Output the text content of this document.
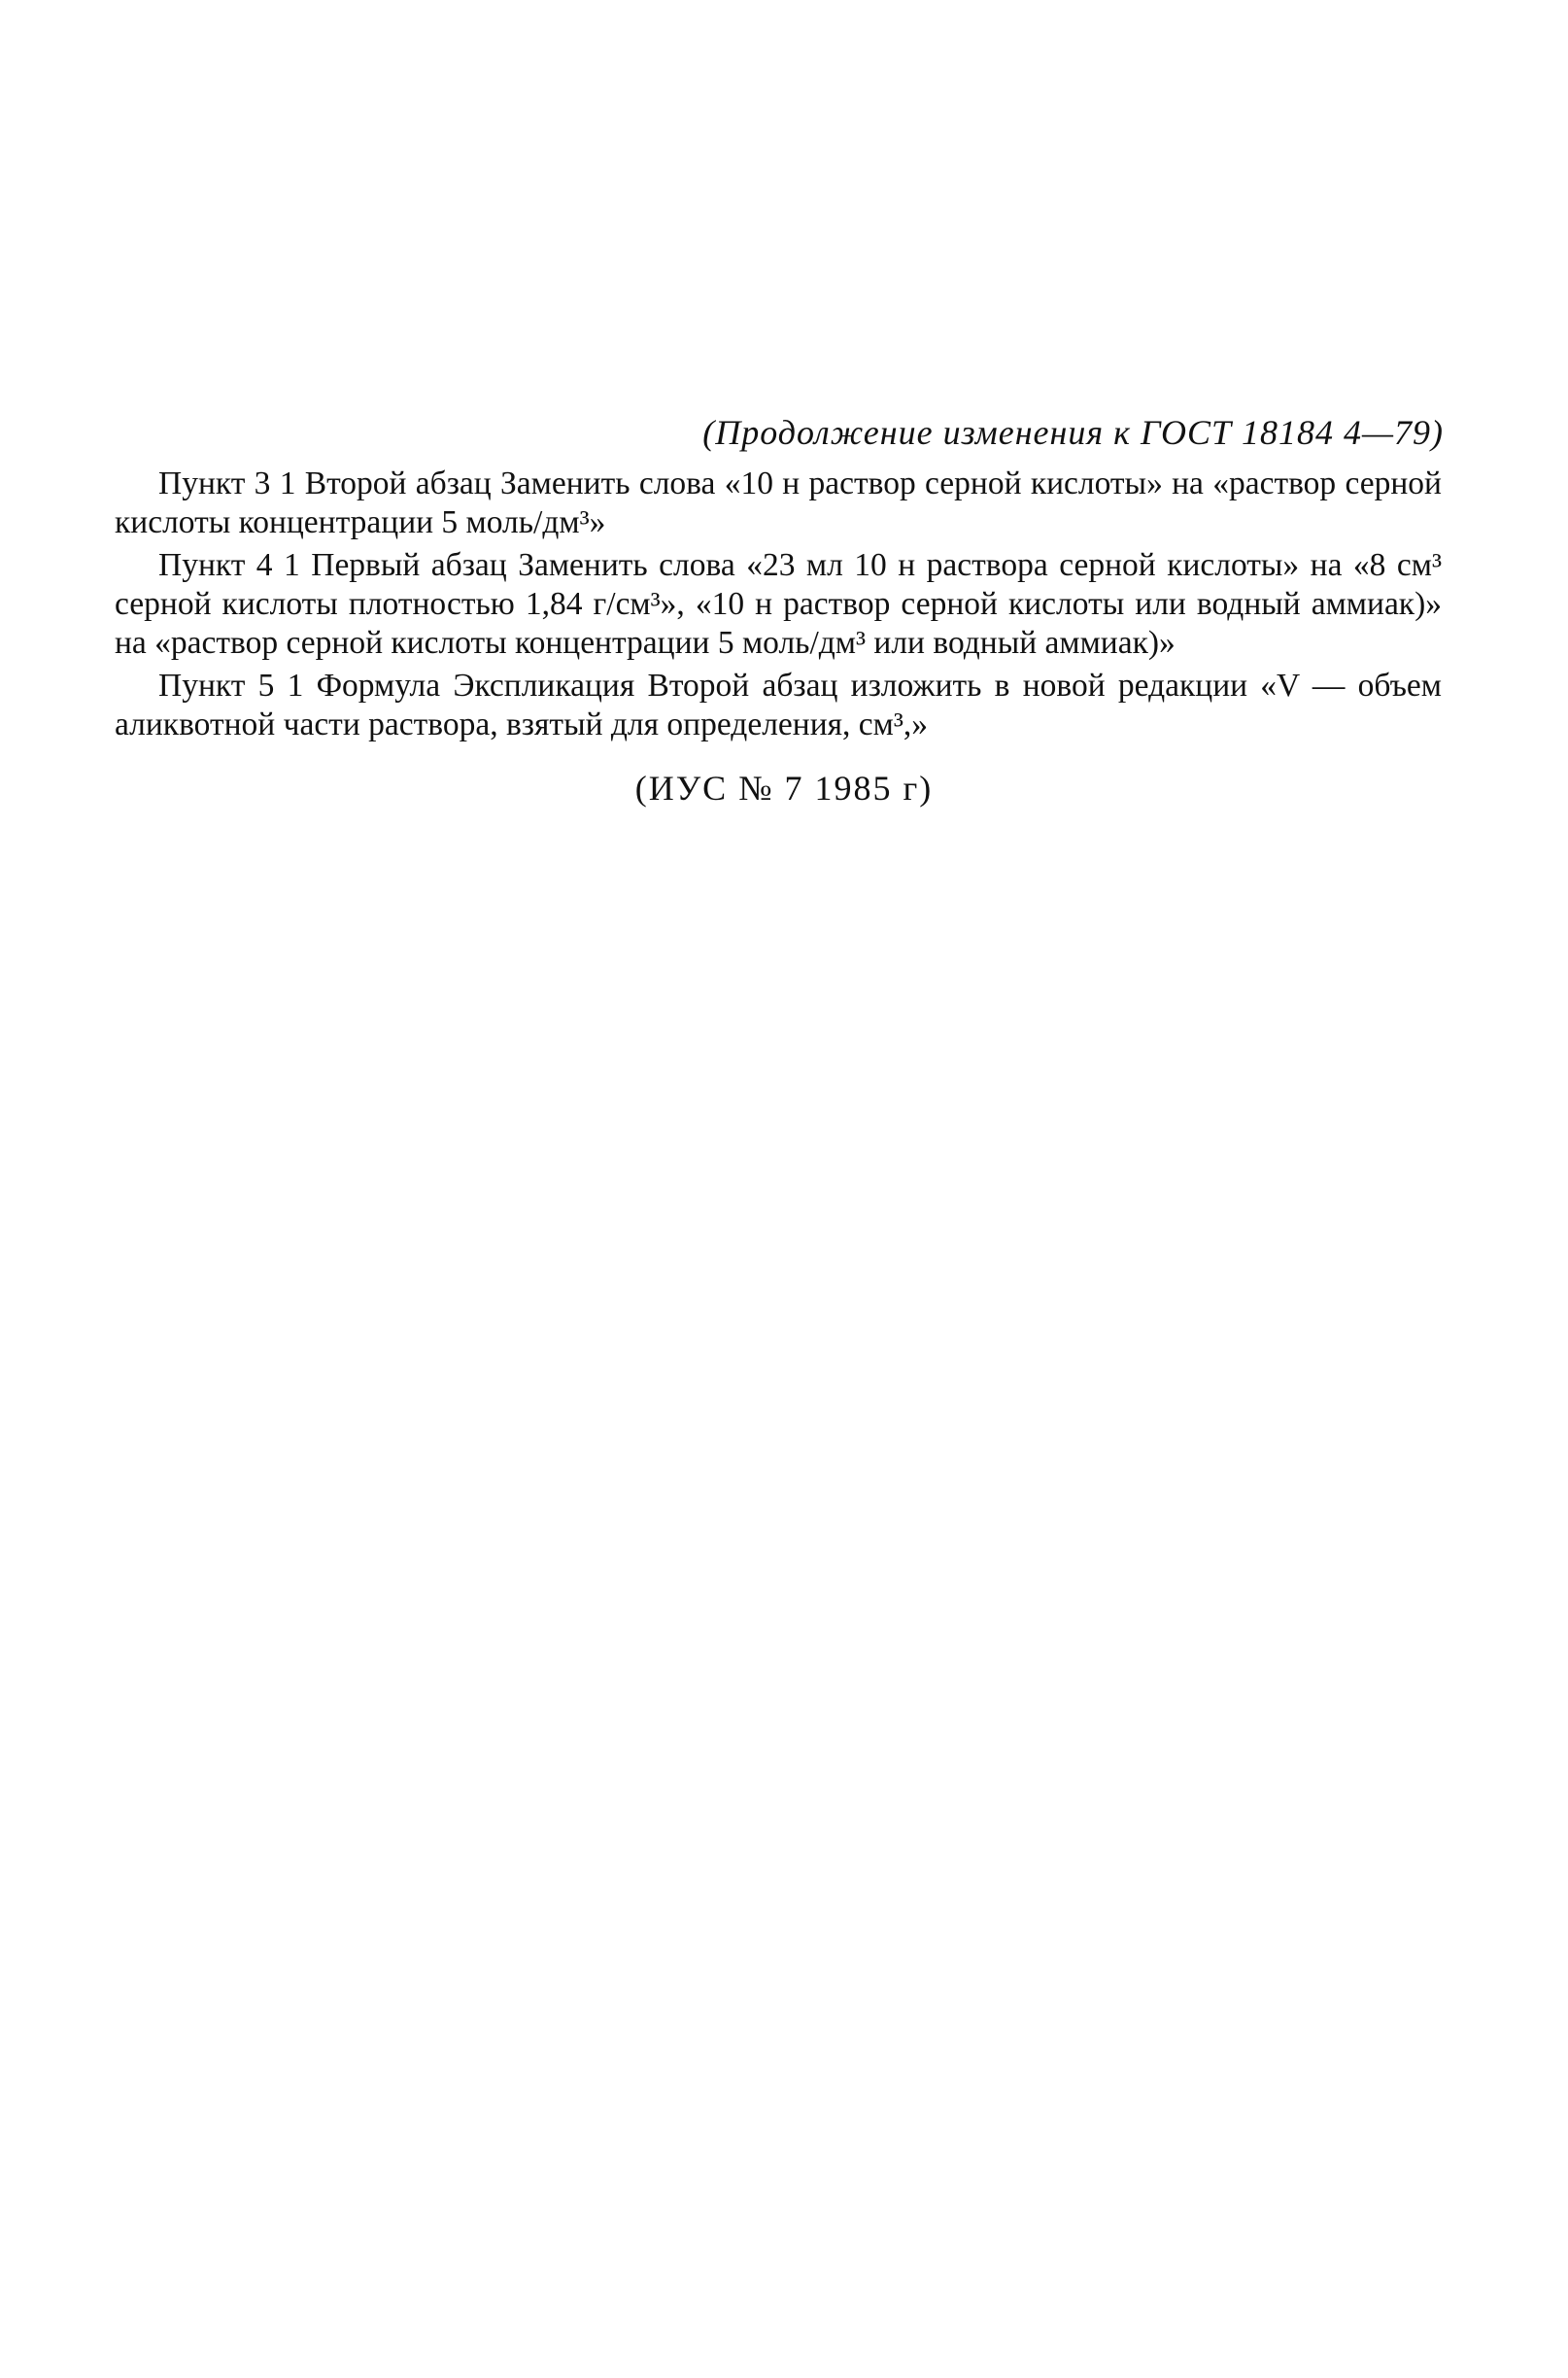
(Продолжение изменения к ГОСТ 18184 4—79)

Пункт 3 1 Второй абзац Заменить слова «10 н раствор серной кислоты» на «раствор серной кислоты концентрации 5 моль/дм³»

Пункт 4 1 Первый абзац Заменить слова «23 мл 10 н раствора серной кислоты» на «8 см³ серной кислоты плотностью 1,84 г/см³», «10 н раствор серной кислоты или водный аммиак)» на «раствор серной кислоты концентрации 5 моль/дм³ или водный аммиак)»

Пункт 5 1 Формула Экспликация Второй абзац изложить в новой редакции «V — объем аликвотной части раствора, взятый для определения, см³,»

(ИУС № 7 1985 г)
